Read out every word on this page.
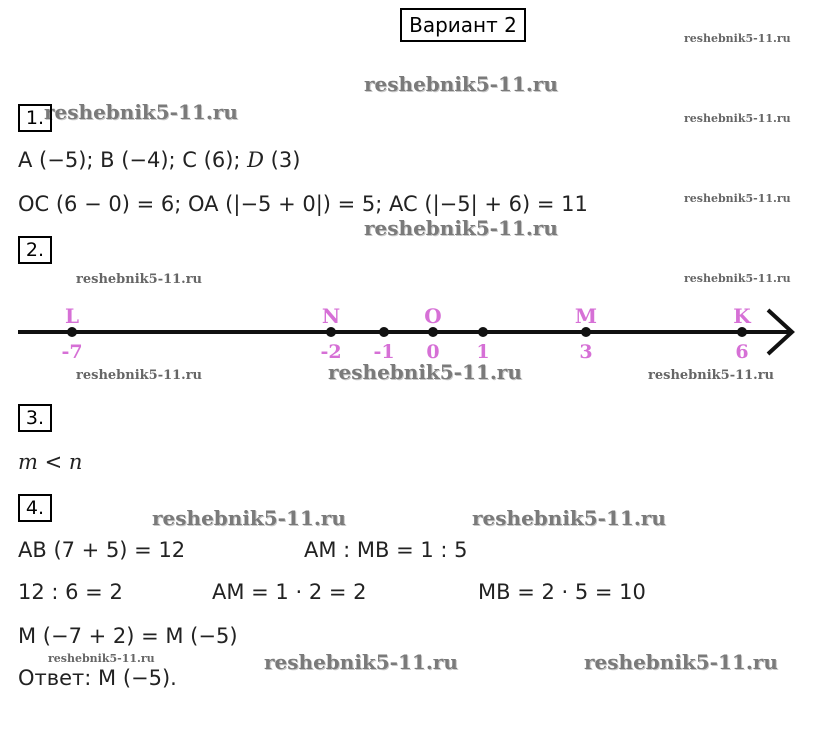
Вариант 2
reshebnik5-11.ru
reshebnik5-11.ru
reshebnik5-11.ru	reshebnik5-11.ru
reshebnik5-11.ru
reshebnik5-11.ru
reshebnik5-11.ru	reshebnik5-11.ru
reshebnik5-11.ru	reshebnik5-11.ru	reshebnik5-11.ru
reshebnik5-11.ru	reshebnik5-11.ru
reshebnik5-11.ru	reshebnik5-11.ru	reshebnik5-11.ru
1.
A (−5); B (−4); C (6); D (3)
OC (6 − 0) = 6; OA (|−5 + 0|) = 5; AC (|−5| + 6) = 11
2.
L
-7
N
-2 -1
O
0 1
M
3
K
6
3.
m < n
4.
AB (7 + 5) = 12	AM : MB = 1 : 5
12 : 6 = 2	AM = 1 · 2 = 2	MB = 2 · 5 = 10
M (−7 + 2) = M (−5)
Ответ: M (−5).
